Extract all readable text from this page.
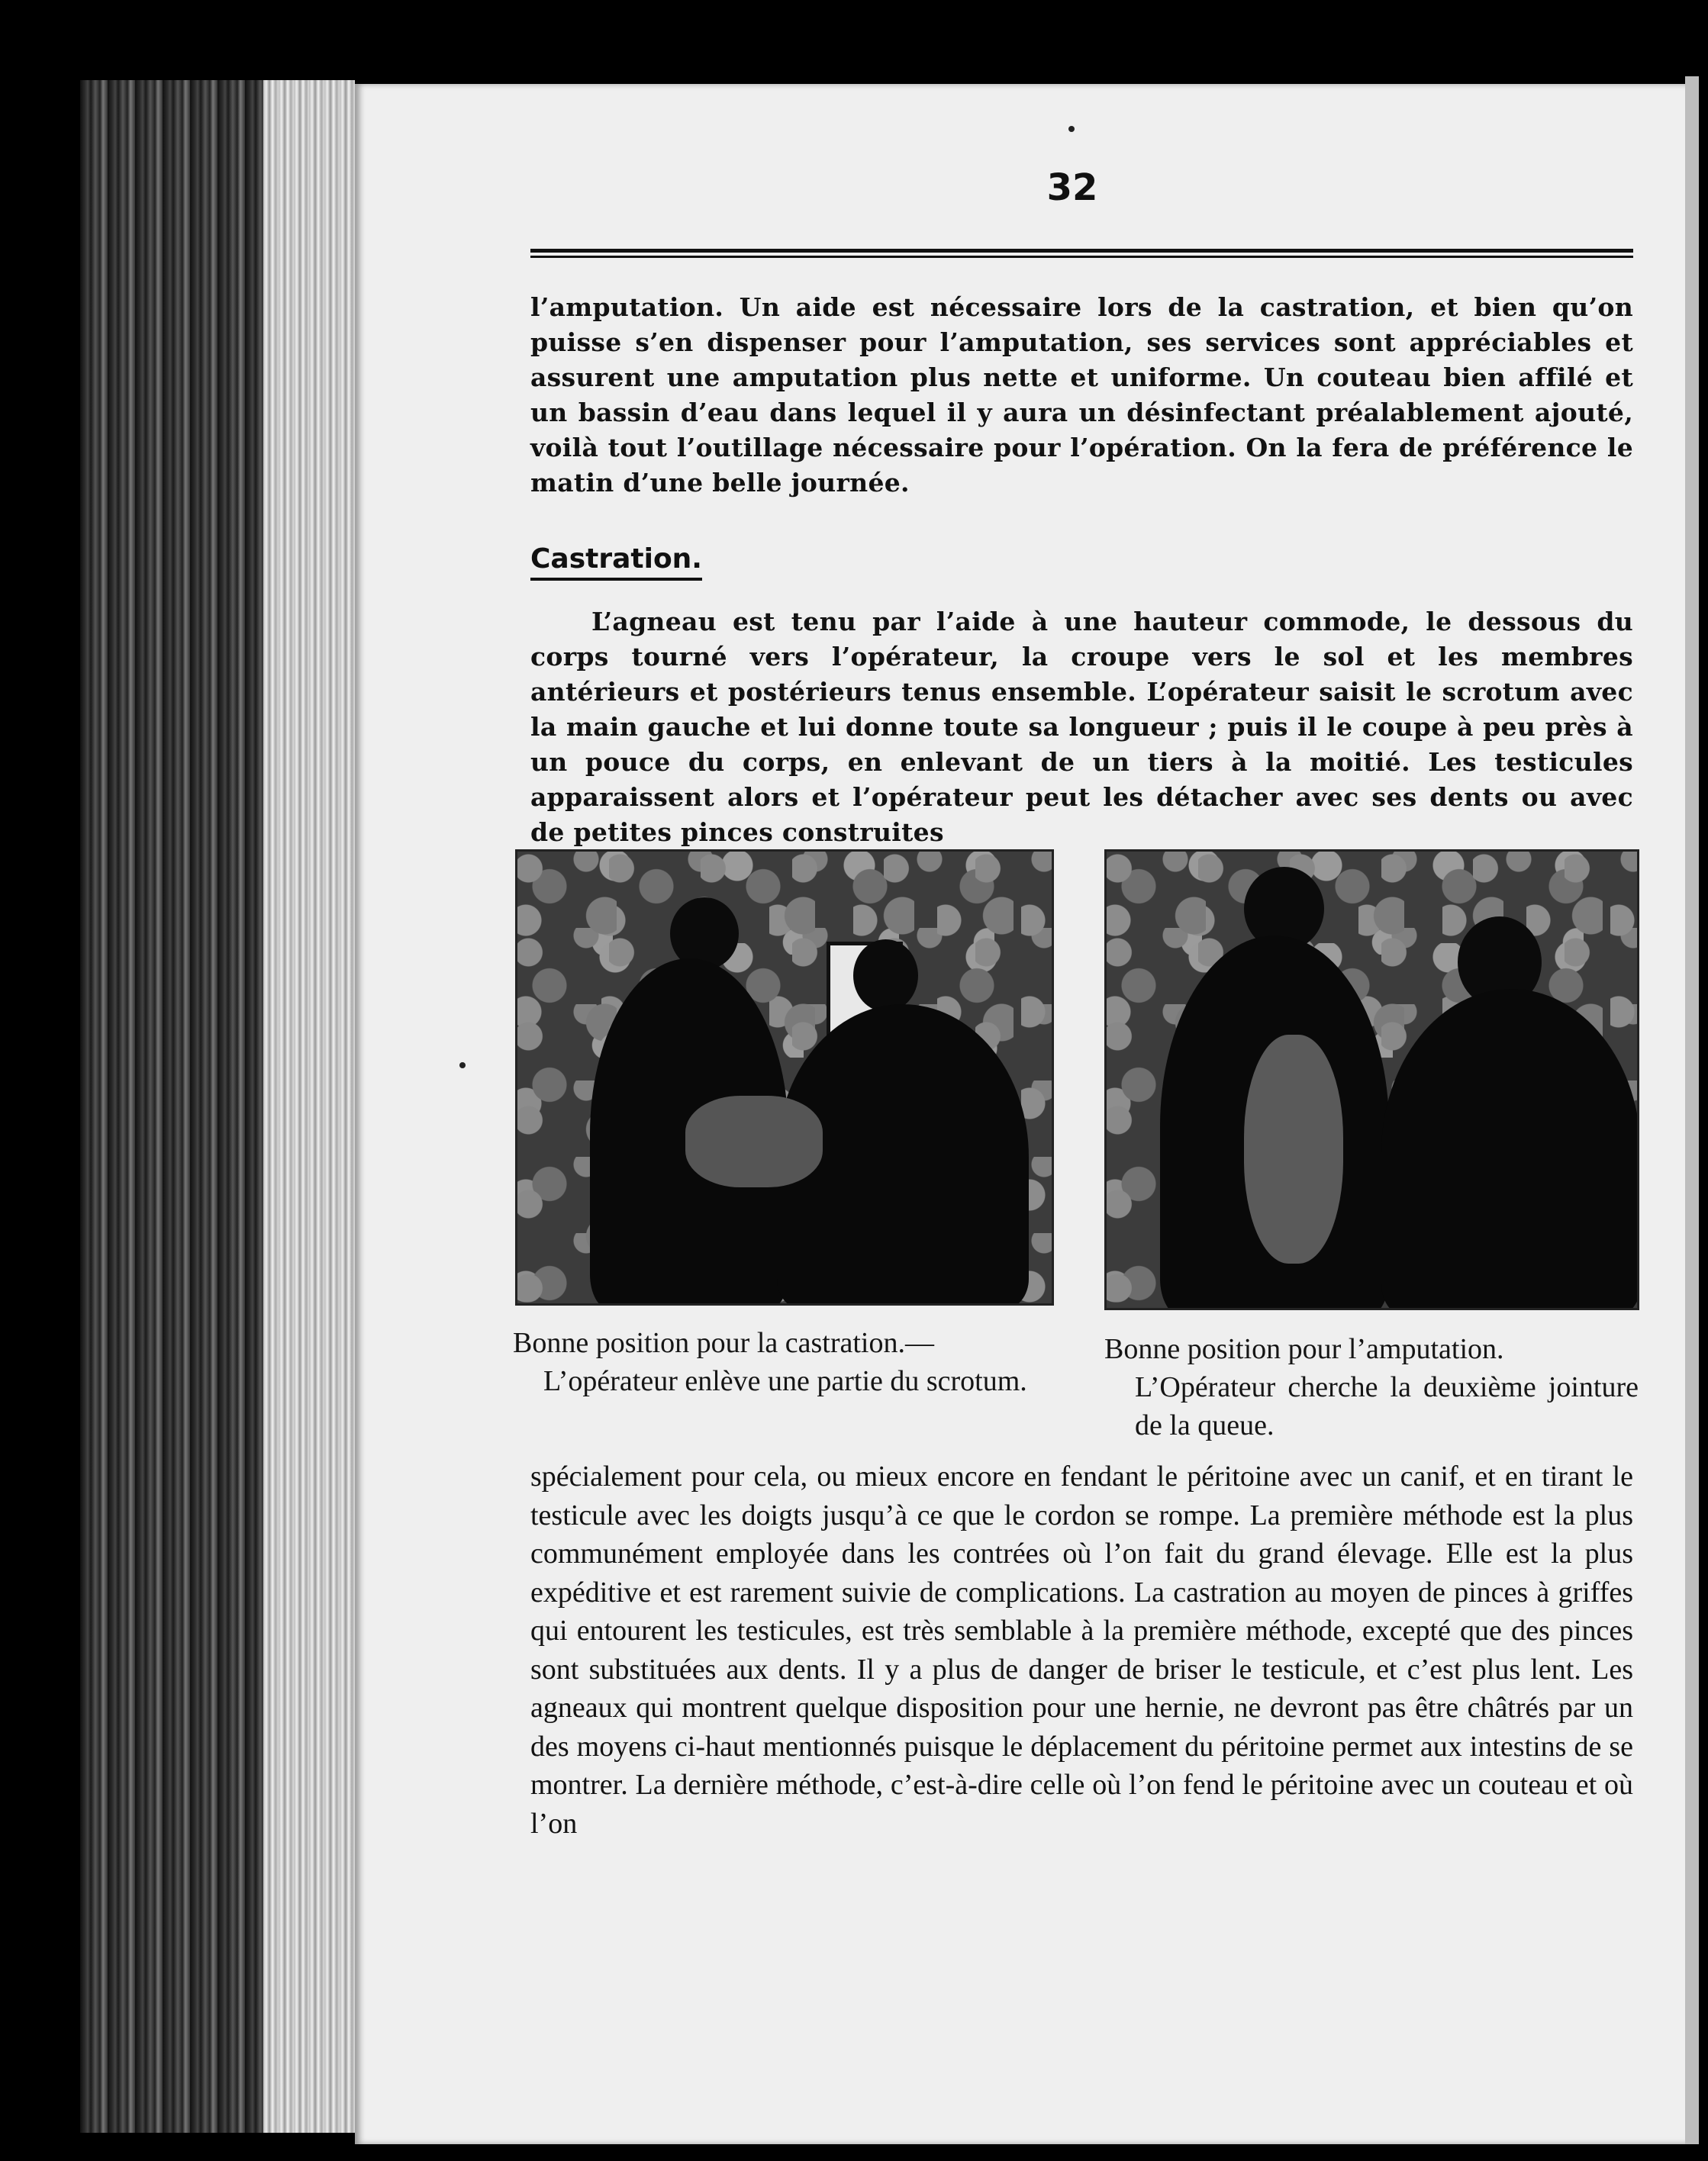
32

l’amputation. Un aide est nécessaire lors de la castration, et bien qu’on puisse s’en dispenser pour l’amputation, ses services sont appréciables et assurent une amputation plus nette et uniforme. Un couteau bien affilé et un bassin d’eau dans lequel il y aura un désinfectant préalablement ajouté, voilà tout l’outillage nécessaire pour l’opération. On la fera de préférence le matin d’une belle journée.

Castration.

L’agneau est tenu par l’aide à une hauteur commode, le dessous du corps tourné vers l’opérateur, la croupe vers le sol et les membres antérieurs et postérieurs tenus ensemble. L’opérateur saisit le scrotum avec la main gauche et lui donne toute sa longueur ; puis il le coupe à peu près à un pouce du corps, en enlevant de un tiers à la moitié. Les testicules apparaissent alors et l’opérateur peut les détacher avec ses dents ou avec de petites pinces construites

Bonne position pour la castration.—
L’opérateur enlève une partie du scrotum.
Bonne position pour l’amputation.
L’Opérateur cherche la deuxième jointure de la queue.

spécialement pour cela, ou mieux encore en fendant le péritoine avec un canif, et en tirant le testicule avec les doigts jusqu’à ce que le cordon se rompe. La première méthode est la plus communément employée dans les contrées où l’on fait du grand élevage. Elle est la plus expéditive et est rarement suivie de complications. La castration au moyen de pinces à griffes qui entourent les testicules, est très semblable à la première méthode, excepté que des pinces sont substituées aux dents. Il y a plus de danger de briser le testicule, et c’est plus lent. Les agneaux qui montrent quelque disposition pour une hernie, ne devront pas être châtrés par un des moyens ci-haut mentionnés puisque le déplacement du péritoine permet aux intestins de se montrer. La dernière méthode, c’est-à-dire celle où l’on fend le péritoine avec un couteau et où l’on
